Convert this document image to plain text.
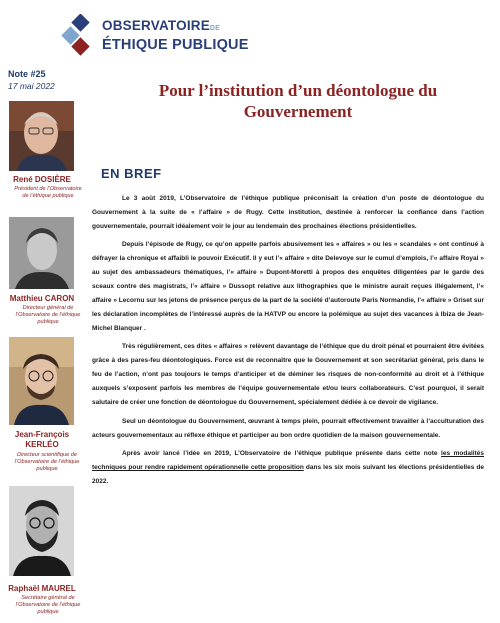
OBSERVATOIREDE
ÉTHIQUE PUBLIQUE
Note #25
17 mai 2022	Pour l’institution d’un déontologue du Gouvernement
EN BREF
René DOSIÈRE
Président de l’Observatoire de l’éthique publique
Matthieu CARON
Directeur général de l’Observatoire de l’éthique publique
Jean-François KERLÉO
Directeur scientifique de l’Observatoire de l’éthique publique
Raphaël MAUREL
Secrétaire général de l’Observatoire de l’éthique publique

Le 3 août 2019, L’Observatoire de l’éthique publique préconisait la création d’un poste de déontologue du Gouvernement à la suite de « l’affaire » de Rugy. Cette institution, destinée à renforcer la confiance dans l’action gouvernementale, pourrait idéalement voir le jour au lendemain des prochaines élections présidentielles.

Depuis l’épisode de Rugy, ce qu’on appelle parfois abusivement les « affaires » ou les « scandales » ont continué à défrayer la chronique et affaibli le pouvoir Exécutif. Il y eut l’« affaire » dite Delevoye sur le cumul d’emplois, l’« affaire Royal » au sujet des ambassadeurs thématiques, l’« affaire » Dupont-Moretti à propos des enquêtes diligentées par le garde des sceaux contre des magistrats, l’« affaire » Dussopt relative aux lithographies que le ministre aurait reçues illégalement, l’« affaire » Lecornu sur les jetons de présence perçus de la part de la société d’autoroute Paris Normandie, l’« affaire » Griset sur les déclaration incomplètes de l’intéressé auprès de la HATVP ou encore la polémique au sujet des vacances à Ibiza de Jean-Michel Blanquer .

Très régulièrement, ces dites « affaires » relèvent davantage de l’éthique que du droit pénal et pourraient être évitées grâce à des pares-feu déontologiques. Force est de reconnaître que le Gouvernement et son secrétariat général, pris dans le feu de l’action, n’ont pas toujours le temps d’anticiper et de déminer les risques de non-conformité au droit et à l’éthique auxquels s’exposent parfois les membres de l’équipe gouvernementale et/ou leurs collaborateurs. C’est pourquoi, il serait salutaire de créer une fonction de déontologue du Gouvernement, spécialement dédiée à ce devoir de vigilance.

Seul un déontologue du Gouvernement, œuvrant à temps plein, pourrait effectivement travailler à l’acculturation des acteurs gouvernementaux au réflexe éthique et participer au bon ordre quotidien de la maison gouvernementale.

Après avoir lancé l’idée en 2019, L’Observatoire de l’éthique publique présente dans cette note les modalités techniques pour rendre rapidement opérationnelle cette proposition dans les six mois suivant les élections présidentielles de 2022.
